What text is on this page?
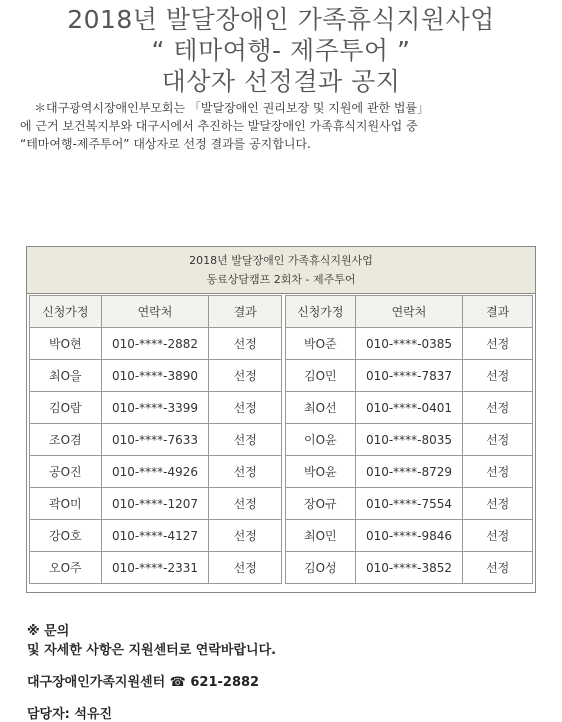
2018년 발달장애인 가족휴식지원사업
“ 테마여행- 제주투어 ”
대상자 선정결과 공지
＊대구광역시장애인부모회는 「발달장애인 권리보장 및 지원에 관한 법률」
에 근거 보건복지부와 대구시에서 추진하는 발달장애인 가족휴식지원사업 중
“테마여행-제주투어” 대상자로 선정 결과를 공지합니다.
2018년 발달장애인 가족휴식지원사업
동료상담캠프 2회차 - 제주투어
신청가정	연락처	결과
박O현	010-****-2882	선정
최O을	010-****-3890	선정
김O람	010-****-3399	선정
조O겸	010-****-7633	선정
공O진	010-****-4926	선정
곽O미	010-****-1207	선정
강O호	010-****-4127	선정
오O주	010-****-2331	선정
신청가정	연락처	결과
박O준	010-****-0385	선정
김O민	010-****-7837	선정
최O선	010-****-0401	선정
이O윤	010-****-8035	선정
박O윤	010-****-8729	선정
장O규	010-****-7554	선정
최O민	010-****-9846	선정
김O성	010-****-3852	선정
※ 문의
및 자세한 사항은 지원센터로 연락바랍니다.
대구장애인가족지원센터 ☎ 621-2882
담당자: 석유진
